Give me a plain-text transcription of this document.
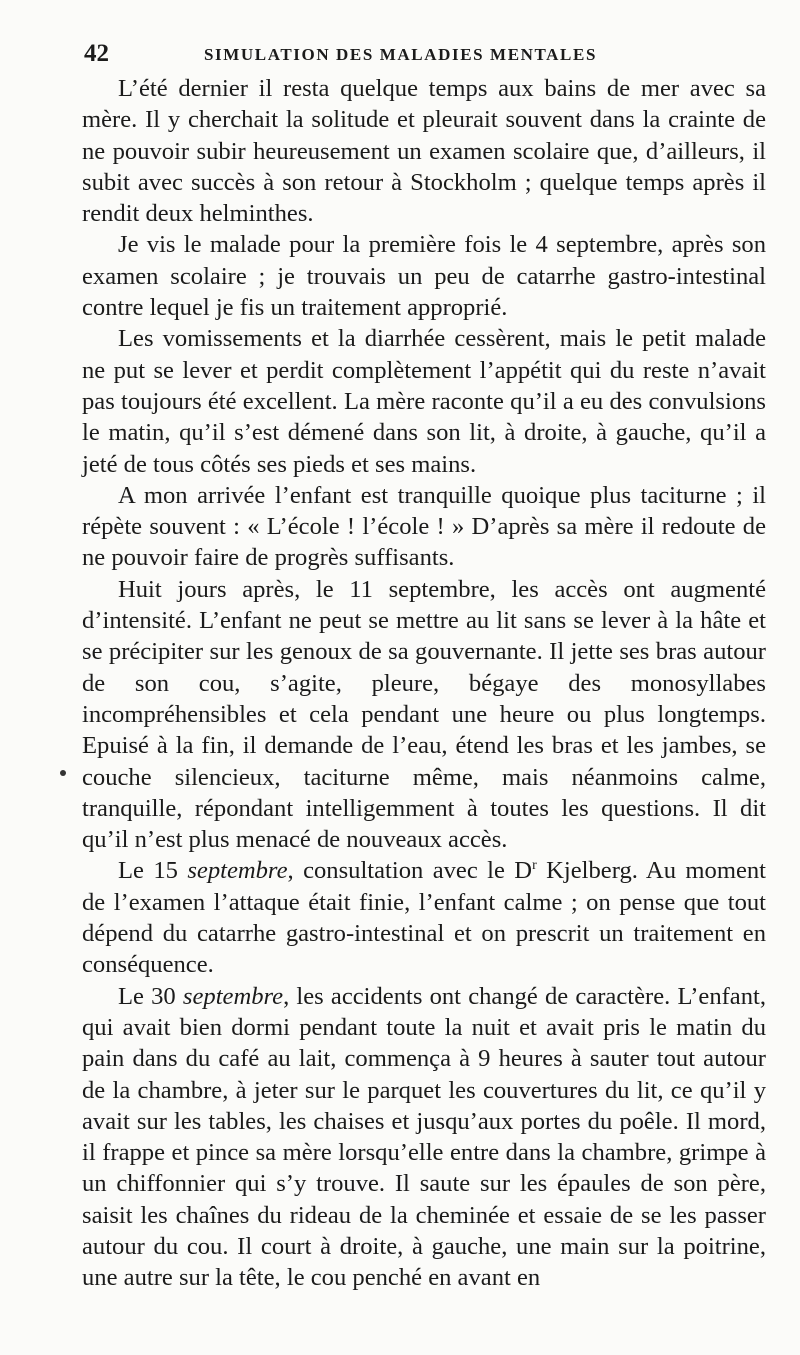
42	SIMULATION DES MALADIES MENTALES

L’été dernier il resta quelque temps aux bains de mer avec sa mère. Il y cherchait la solitude et pleurait souvent dans la crainte de ne pouvoir subir heureusement un examen scolaire que, d’ailleurs, il subit avec succès à son retour à Stockholm ; quelque temps après il rendit deux helminthes.

Je vis le malade pour la première fois le 4 septembre, après son examen scolaire ; je trouvais un peu de catarrhe gastro-intestinal contre lequel je fis un traitement approprié.

Les vomissements et la diarrhée cessèrent, mais le petit malade ne put se lever et perdit complètement l’appétit qui du reste n’avait pas toujours été excellent. La mère raconte qu’il a eu des convulsions le matin, qu’il s’est démené dans son lit, à droite, à gauche, qu’il a jeté de tous côtés ses pieds et ses mains.

A mon arrivée l’enfant est tranquille quoique plus taciturne ; il répète souvent : « L’école ! l’école ! » D’après sa mère il redoute de ne pouvoir faire de progrès suffisants.

Huit jours après, le 11 septembre, les accès ont augmenté d’intensité. L’enfant ne peut se mettre au lit sans se lever à la hâte et se précipiter sur les genoux de sa gouvernante. Il jette ses bras autour de son cou, s’agite, pleure, bégaye des monosyllabes incompréhensibles et cela pendant une heure ou plus longtemps. Epuisé à la fin, il demande de l’eau, étend les bras et les jambes, se couche silencieux, taciturne même, mais néanmoins calme, tranquille, répondant intelligemment à toutes les questions. Il dit qu’il n’est plus menacé de nouveaux accès.

Le 15 septembre, consultation avec le $D^r$ Kjelberg. Au moment de l’examen l’attaque était finie, l’enfant calme ; on pense que tout dépend du catarrhe gastro-intestinal et on prescrit un traitement en conséquence.

Le 30 septembre, les accidents ont changé de caractère. L’enfant, qui avait bien dormi pendant toute la nuit et avait pris le matin du pain dans du café au lait, commença à 9 heures à sauter tout autour de la chambre, à jeter sur le parquet les couvertures du lit, ce qu’il y avait sur les tables, les chaises et jusqu’aux portes du poêle. Il mord, il frappe et pince sa mère lorsqu’elle entre dans la chambre, grimpe à un chiffonnier qui s’y trouve. Il saute sur les épaules de son père, saisit les chaînes du rideau de la cheminée et essaie de se les passer autour du cou. Il court à droite, à gauche, une main sur la poitrine, une autre sur la tête, le cou penché en avant en
